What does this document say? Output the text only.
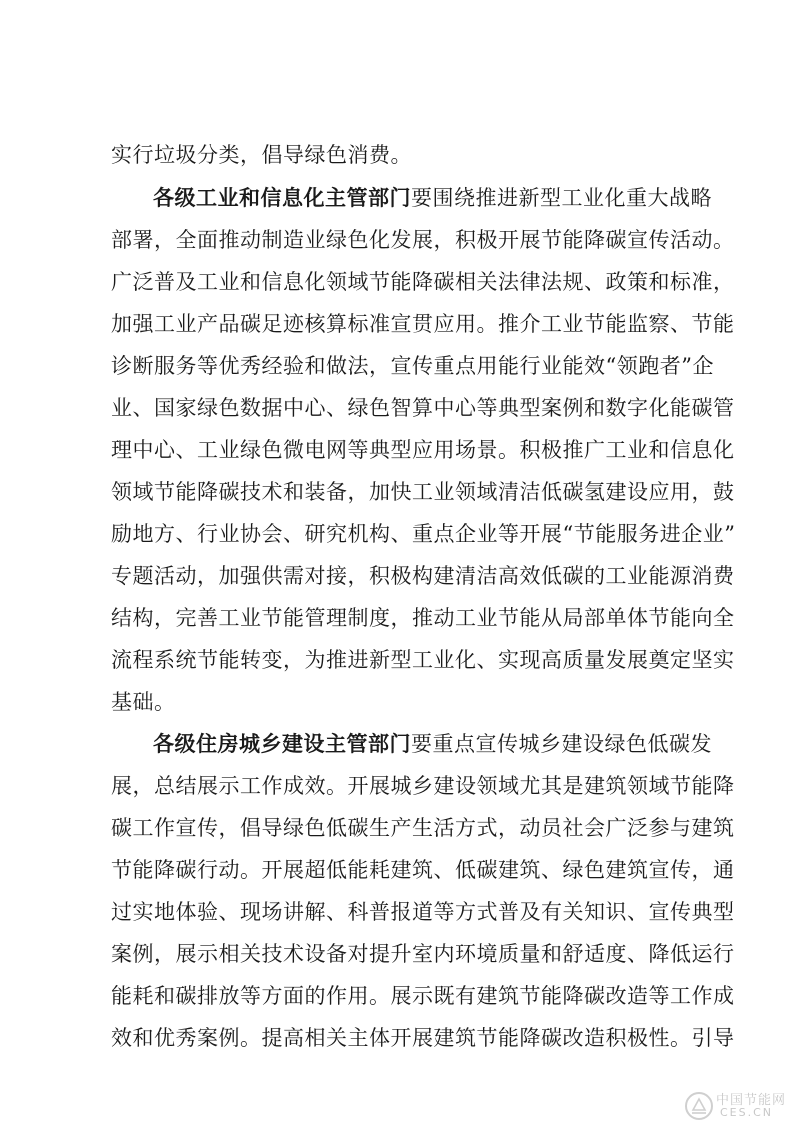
实行垃圾分类，倡导绿色消费。
各级工业和信息化主管部门要围绕推进新型工业化重大战略
部署，全面推动制造业绿色化发展，积极开展节能降碳宣传活动。
广泛普及工业和信息化领域节能降碳相关法律法规、政策和标准，
加强工业产品碳足迹核算标准宣贯应用。推介工业节能监察、节能
诊断服务等优秀经验和做法，宣传重点用能行业能效“领跑者”企
业、国家绿色数据中心、绿色智算中心等典型案例和数字化能碳管
理中心、工业绿色微电网等典型应用场景。积极推广工业和信息化
领域节能降碳技术和装备，加快工业领域清洁低碳氢建设应用，鼓
励地方、行业协会、研究机构、重点企业等开展“节能服务进企业”
专题活动，加强供需对接，积极构建清洁高效低碳的工业能源消费
结构，完善工业节能管理制度，推动工业节能从局部单体节能向全
流程系统节能转变，为推进新型工业化、实现高质量发展奠定坚实
基础。
各级住房城乡建设主管部门要重点宣传城乡建设绿色低碳发
展，总结展示工作成效。开展城乡建设领域尤其是建筑领域节能降
碳工作宣传，倡导绿色低碳生产生活方式，动员社会广泛参与建筑
节能降碳行动。开展超低能耗建筑、低碳建筑、绿色建筑宣传，通
过实地体验、现场讲解、科普报道等方式普及有关知识、宣传典型
案例，展示相关技术设备对提升室内环境质量和舒适度、降低运行
能耗和碳排放等方面的作用。展示既有建筑节能降碳改造等工作成
效和优秀案例。提高相关主体开展建筑节能降碳改造积极性。引导
中国节能网
CES.CN
